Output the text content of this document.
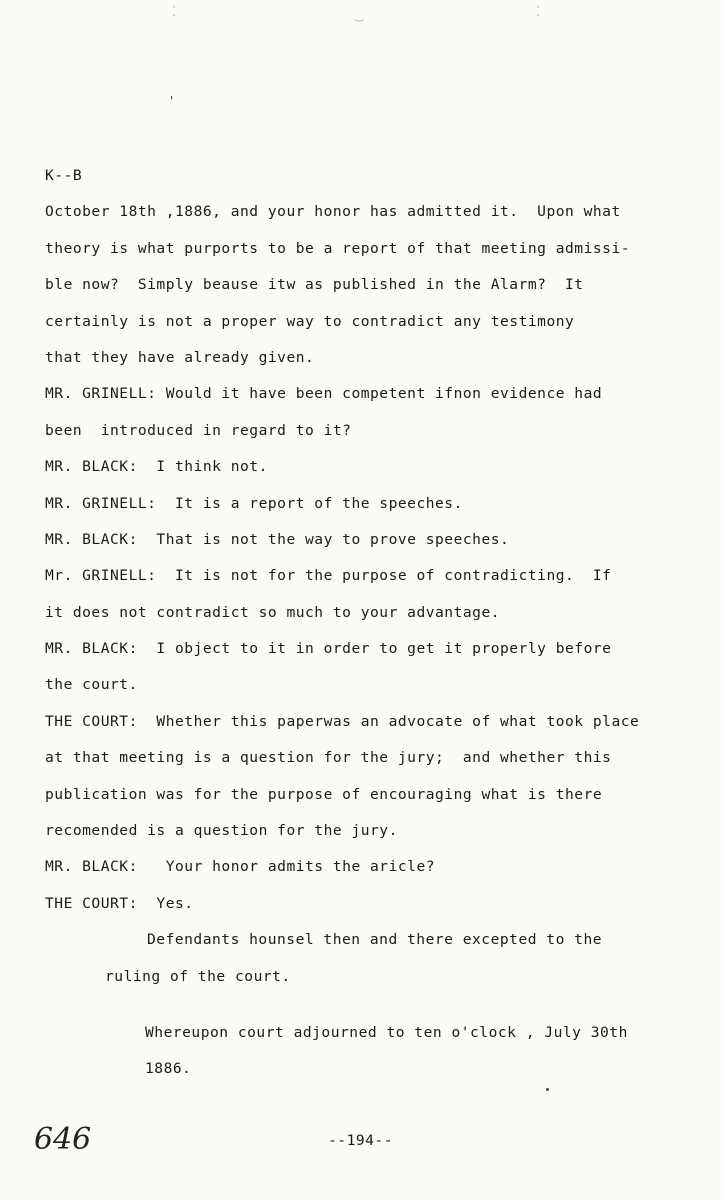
⁚	‿	⁚
'
K--B
October 18th ,1886, and your honor has admitted it.  Upon what
theory is what purports to be a report of that meeting admissi-
ble now?  Simply beause itw as published in the Alarm?  It
certainly is not a proper way to contradict any testimony
that they have already given.
MR. GRINELL: Would it have been competent ifnon evidence had
been  introduced in regard to it?
MR. BLACK:  I think not.
MR. GRINELL:  It is a report of the speeches.
MR. BLACK:  That is not the way to prove speeches.
Mr. GRINELL:  It is not for the purpose of contradicting.  If
it does not contradict so much to your advantage.
MR. BLACK:  I object to it in order to get it properly before
the court.
THE COURT:  Whether this paperwas an advocate of what took place
at that meeting is a question for the jury;  and whether this
publication was for the purpose of encouraging what is there
recomended is a question for the jury.
MR. BLACK:   Your honor admits the aricle?
THE COURT:  Yes.
Defendants hounsel then and there excepted to the
ruling of the court.
Whereupon court adjourned to ten o'clock , July 30th
1886.
646	--194--
